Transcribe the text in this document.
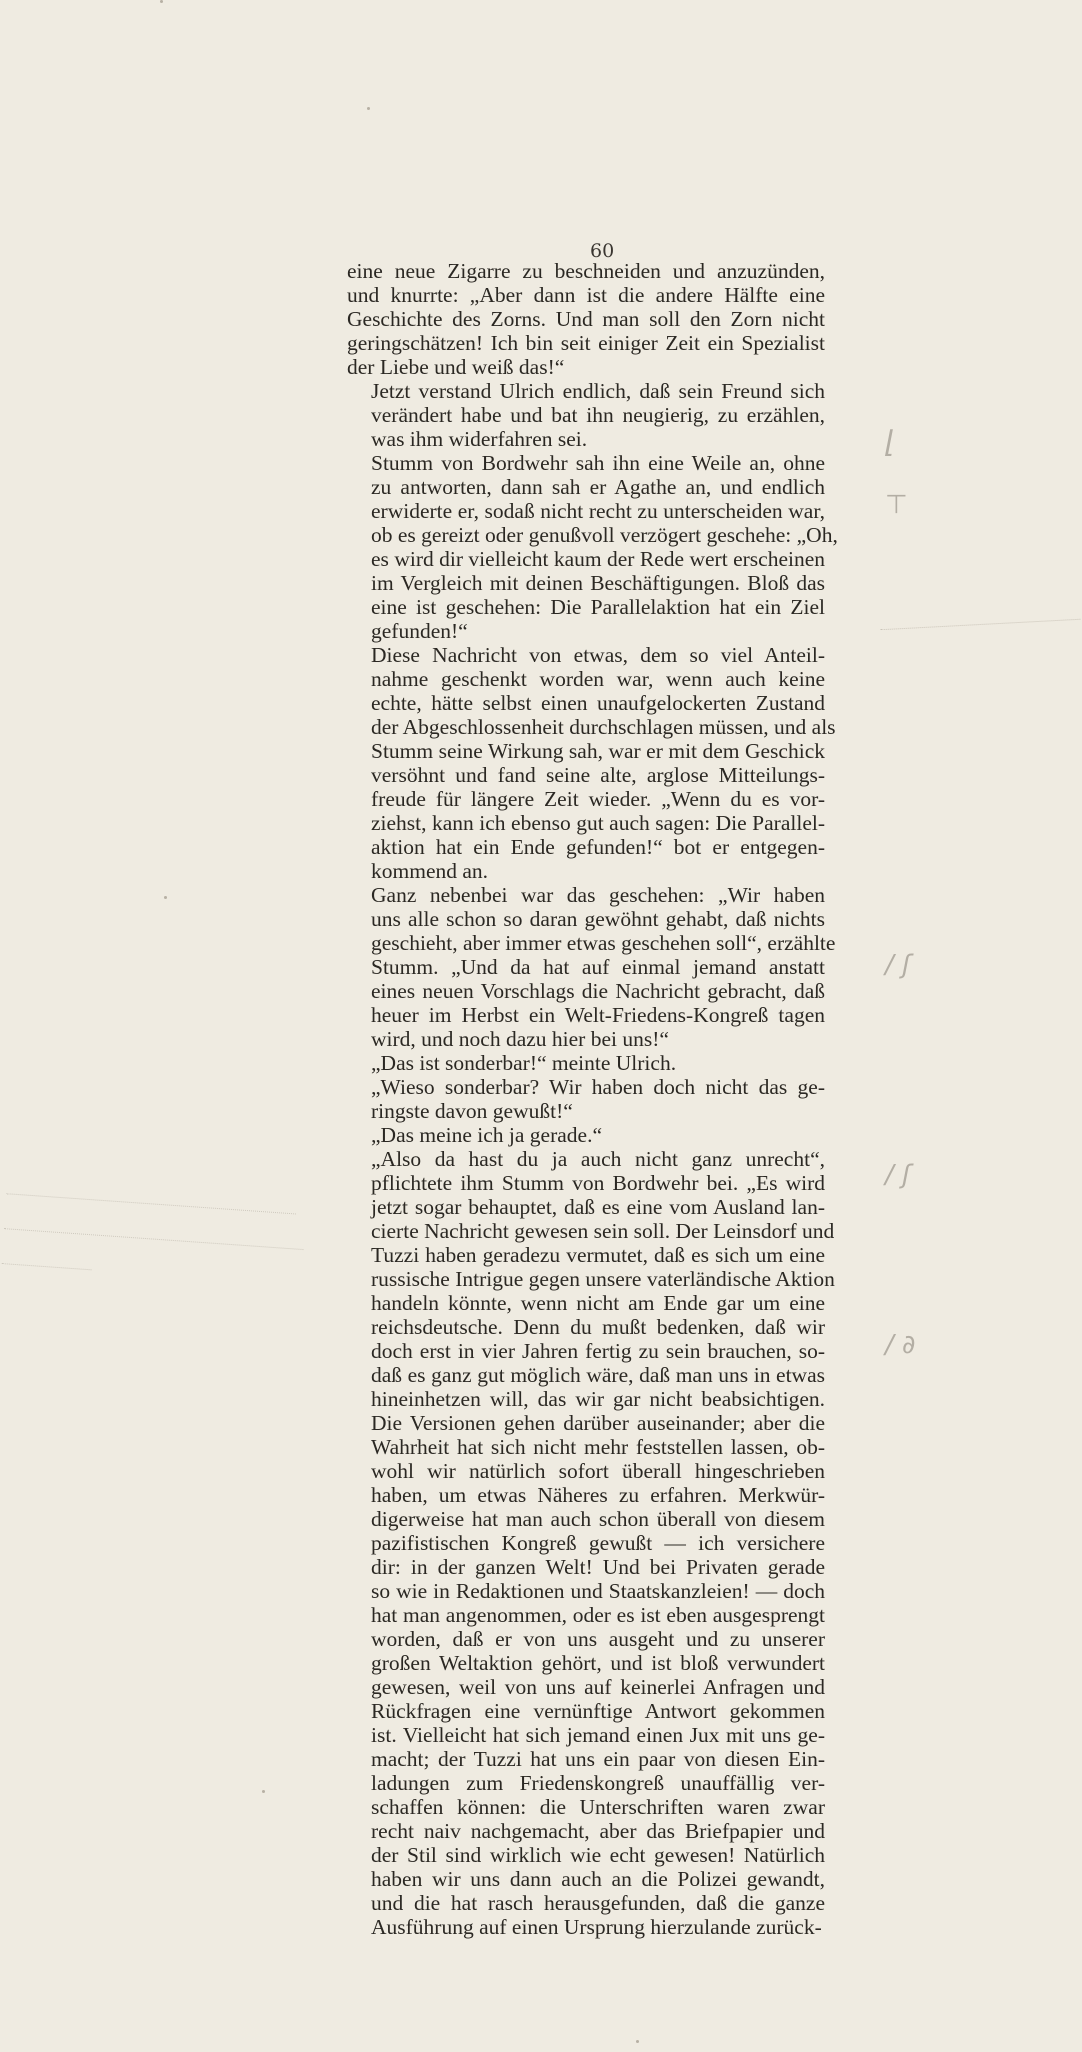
60

eine neue Zigarre zu beschneiden und anzuzünden,
und knurrte: „Aber dann ist die andere Hälfte eine
Geschichte des Zorns. Und man soll den Zorn nicht
geringschätzen! Ich bin seit einiger Zeit ein Spezialist
der Liebe und weiß das!“

Jetzt verstand Ulrich endlich, daß sein Freund sich
verändert habe und bat ihn neugierig, zu erzählen,
was ihm widerfahren sei.

Stumm von Bordwehr sah ihn eine Weile an, ohne
zu antworten, dann sah er Agathe an, und endlich
erwiderte er, sodaß nicht recht zu unterscheiden war,
ob es gereizt oder genußvoll verzögert geschehe: „Oh,
es wird dir vielleicht kaum der Rede wert erscheinen
im Vergleich mit deinen Beschäftigungen. Bloß das
eine ist geschehen: Die Parallelaktion hat ein Ziel
gefunden!“

Diese Nachricht von etwas, dem so viel Anteil-
nahme geschenkt worden war, wenn auch keine
echte, hätte selbst einen unaufgelockerten Zustand
der Abgeschlossenheit durchschlagen müssen, und als
Stumm seine Wirkung sah, war er mit dem Geschick
versöhnt und fand seine alte, arglose Mitteilungs-
freude für längere Zeit wieder. „Wenn du es vor-
ziehst, kann ich ebenso gut auch sagen: Die Parallel-
aktion hat ein Ende gefunden!“ bot er entgegen-
kommend an.

Ganz nebenbei war das geschehen: „Wir haben
uns alle schon so daran gewöhnt gehabt, daß nichts
geschieht, aber immer etwas geschehen soll“, erzählte
Stumm. „Und da hat auf einmal jemand anstatt
eines neuen Vorschlags die Nachricht gebracht, daß
heuer im Herbst ein Welt-Friedens-Kongreß tagen
wird, und noch dazu hier bei uns!“

„Das ist sonderbar!“ meinte Ulrich.

„Wieso sonderbar? Wir haben doch nicht das ge-
ringste davon gewußt!“

„Das meine ich ja gerade.“

„Also da hast du ja auch nicht ganz unrecht“,
pflichtete ihm Stumm von Bordwehr bei. „Es wird
jetzt sogar behauptet, daß es eine vom Ausland lan-
cierte Nachricht gewesen sein soll. Der Leinsdorf und
Tuzzi haben geradezu vermutet, daß es sich um eine
russische Intrigue gegen unsere vaterländische Aktion
handeln könnte, wenn nicht am Ende gar um eine
reichsdeutsche. Denn du mußt bedenken, daß wir
doch erst in vier Jahren fertig zu sein brauchen, so-
daß es ganz gut möglich wäre, daß man uns in etwas
hineinhetzen will, das wir gar nicht beabsichtigen.
Die Versionen gehen darüber auseinander; aber die
Wahrheit hat sich nicht mehr feststellen lassen, ob-
wohl wir natürlich sofort überall hingeschrieben
haben, um etwas Näheres zu erfahren. Merkwür-
digerweise hat man auch schon überall von diesem
pazifistischen Kongreß gewußt — ich versichere
dir: in der ganzen Welt! Und bei Privaten gerade
so wie in Redaktionen und Staatskanzleien! — doch
hat man angenommen, oder es ist eben ausgesprengt
worden, daß er von uns ausgeht und zu unserer
großen Weltaktion gehört, und ist bloß verwundert
gewesen, weil von uns auf keinerlei Anfragen und
Rückfragen eine vernünftige Antwort gekommen
ist. Vielleicht hat sich jemand einen Jux mit uns ge-
macht; der Tuzzi hat uns ein paar von diesen Ein-
ladungen zum Friedenskongreß unauffällig ver-
schaffen können: die Unterschriften waren zwar
recht naiv nachgemacht, aber das Briefpapier und
der Stil sind wirklich wie echt gewesen! Natürlich
haben wir uns dann auch an die Polizei gewandt,
und die hat rasch herausgefunden, daß die ganze
Ausführung auf einen Ursprung hierzulande zurück-

⌊
⊤
/ ʃ
/ ʃ
/ ∂
